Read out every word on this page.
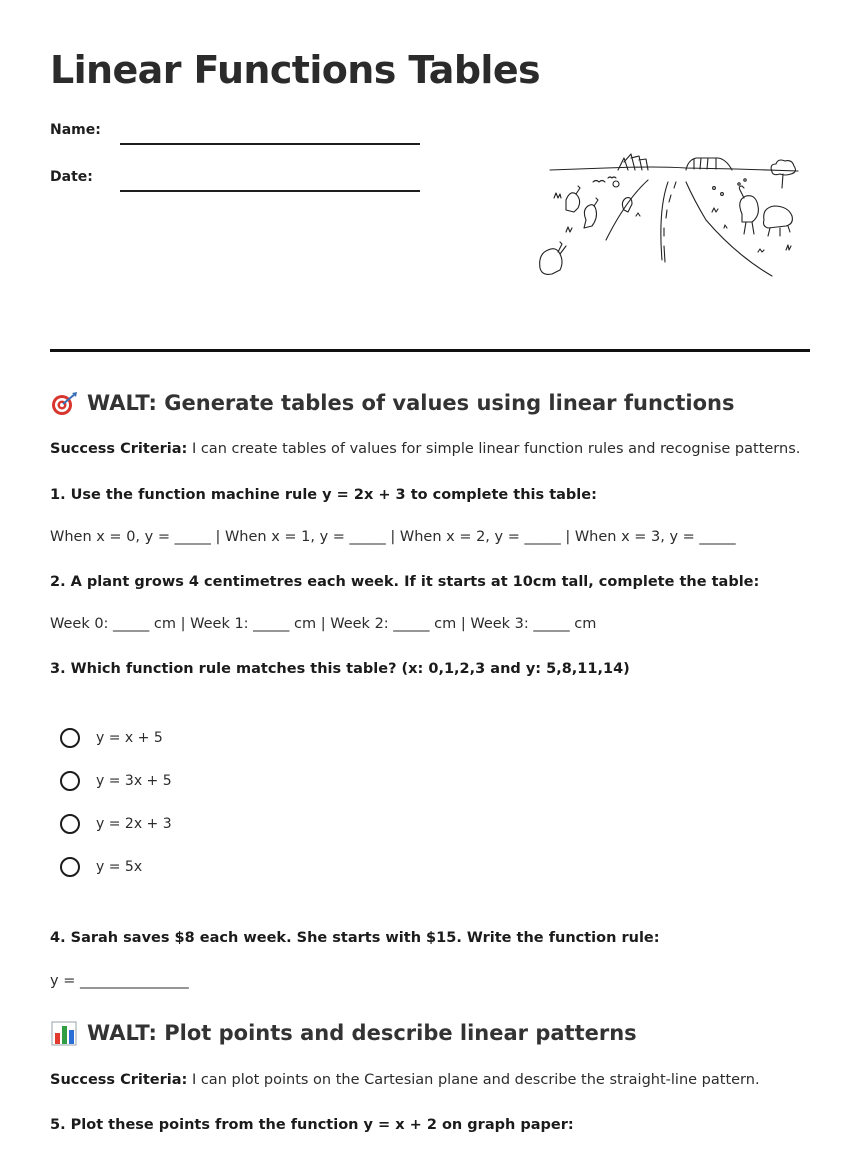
Linear Functions Tables
Name:
Date:
WALT: Generate tables of values using linear functions
Success Criteria: I can create tables of values for simple linear function rules and recognise patterns.

1. Use the function machine rule y = 2x + 3 to complete this table:

When x = 0, y = _____ | When x = 1, y = _____ | When x = 2, y = _____ | When x = 3, y = _____

2. A plant grows 4 centimetres each week. If it starts at 10cm tall, complete the table:

Week 0: _____ cm | Week 1: _____ cm | Week 2: _____ cm | Week 3: _____ cm

3. Which function rule matches this table? (x: 0,1,2,3 and y: 5,8,11,14)

y = x + 5
y = 3x + 5
y = 2x + 3
y = 5x

4. Sarah saves $8 each week. She starts with $15. Write the function rule:

y = _______________
WALT: Plot points and describe linear patterns
Success Criteria: I can plot points on the Cartesian plane and describe the straight-line pattern.

5. Plot these points from the function y = x + 2 on graph paper:
